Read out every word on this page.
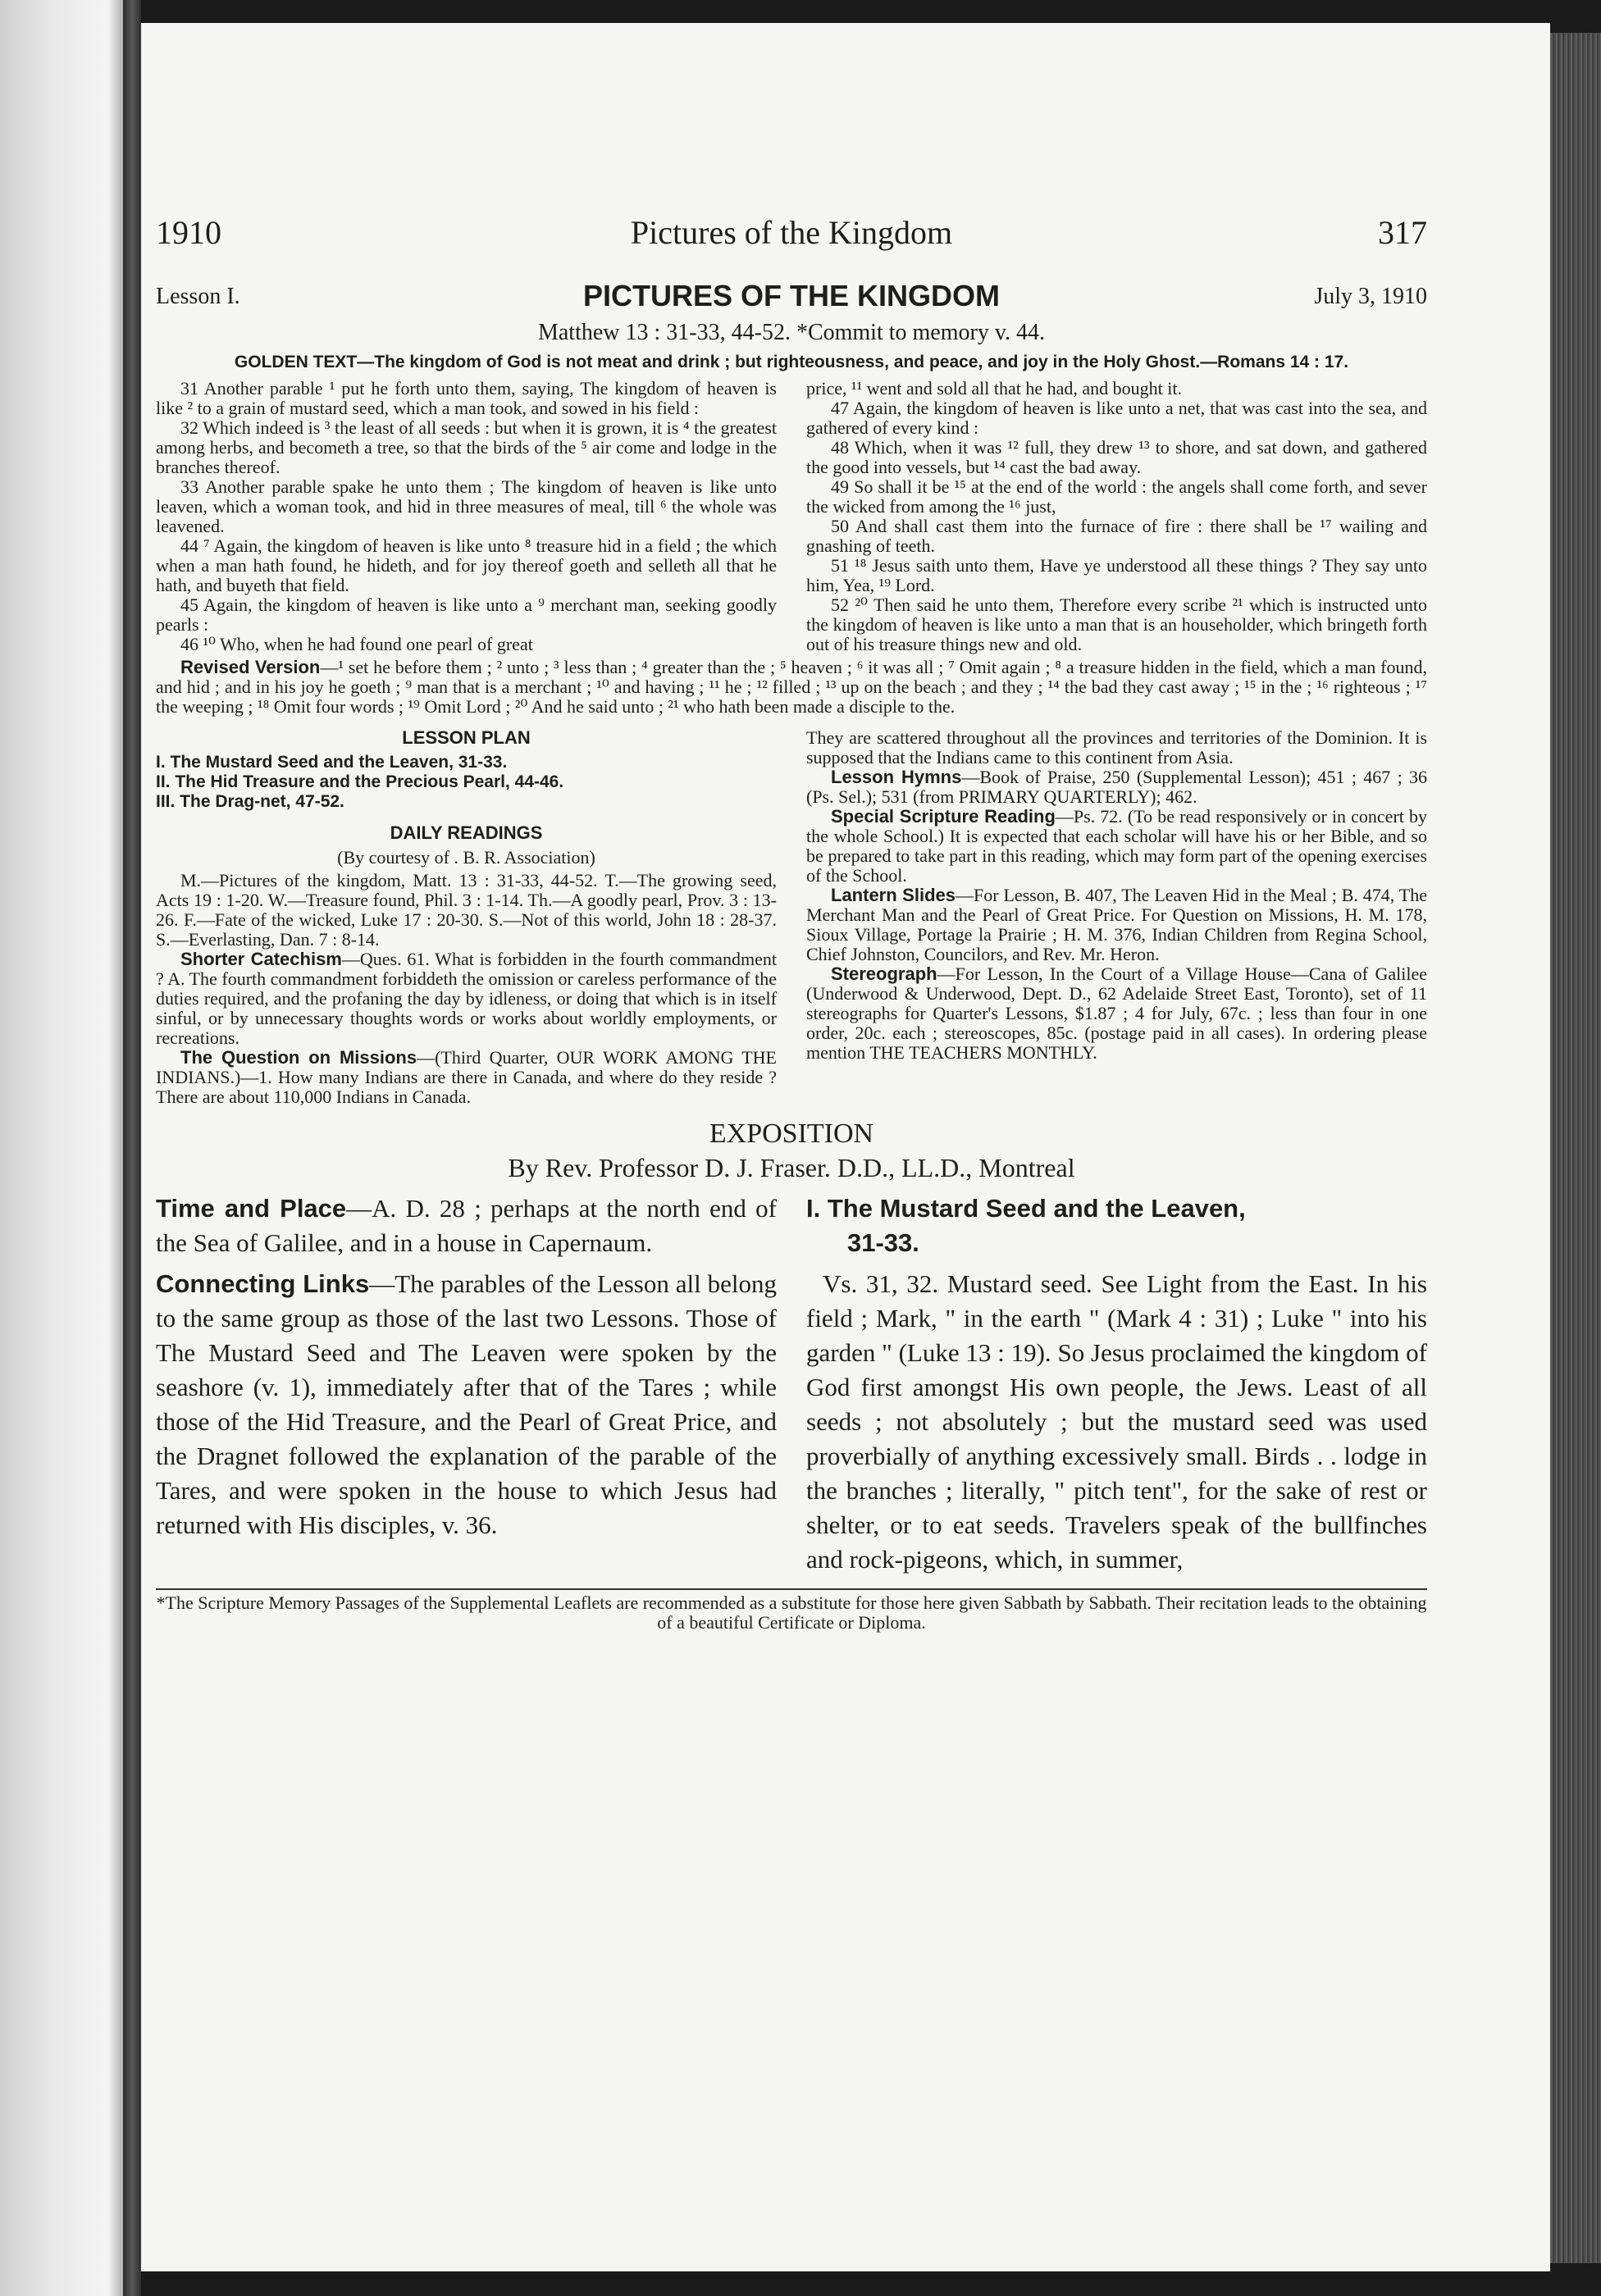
1910	Pictures of the Kingdom	317
Lesson I.	PICTURES OF THE KINGDOM	July 3, 1910
Matthew 13 : 31-33, 44-52. *Commit to memory v. 44.
GOLDEN TEXT—The kingdom of God is not meat and drink ; but righteousness, and peace, and joy in the Holy Ghost.—Romans 14 : 17.

31 Another parable ¹ put he forth unto them, saying, The kingdom of heaven is like ² to a grain of mustard seed, which a man took, and sowed in his field :

32 Which indeed is ³ the least of all seeds : but when it is grown, it is ⁴ the greatest among herbs, and becometh a tree, so that the birds of the ⁵ air come and lodge in the branches thereof.

33 Another parable spake he unto them ; The kingdom of heaven is like unto leaven, which a woman took, and hid in three measures of meal, till ⁶ the whole was leavened.

44 ⁷ Again, the kingdom of heaven is like unto ⁸ treasure hid in a field ; the which when a man hath found, he hideth, and for joy thereof goeth and selleth all that he hath, and buyeth that field.

45 Again, the kingdom of heaven is like unto a ⁹ merchant man, seeking goodly pearls :

46 ¹⁰ Who, when he had found one pearl of great

price, ¹¹ went and sold all that he had, and bought it.

47 Again, the kingdom of heaven is like unto a net, that was cast into the sea, and gathered of every kind :

48 Which, when it was ¹² full, they drew ¹³ to shore, and sat down, and gathered the good into vessels, but ¹⁴ cast the bad away.

49 So shall it be ¹⁵ at the end of the world : the angels shall come forth, and sever the wicked from among the ¹⁶ just,

50 And shall cast them into the furnace of fire : there shall be ¹⁷ wailing and gnashing of teeth.

51 ¹⁸ Jesus saith unto them, Have ye understood all these things ? They say unto him, Yea, ¹⁹ Lord.

52 ²⁰ Then said he unto them, Therefore every scribe ²¹ which is instructed unto the kingdom of heaven is like unto a man that is an householder, which bringeth forth out of his treasure things new and old.

Revised Version—¹ set he before them ; ² unto ; ³ less than ; ⁴ greater than the ; ⁵ heaven ; ⁶ it was all ; ⁷ Omit again ; ⁸ a treasure hidden in the field, which a man found, and hid ; and in his joy he goeth ; ⁹ man that is a merchant ; ¹⁰ and having ; ¹¹ he ; ¹² filled ; ¹³ up on the beach ; and they ; ¹⁴ the bad they cast away ; ¹⁵ in the ; ¹⁶ righteous ; ¹⁷ the weeping ; ¹⁸ Omit four words ; ¹⁹ Omit Lord ; ²⁰ And he said unto ; ²¹ who hath been made a disciple to the.
LESSON PLAN
I. The Mustard Seed and the Leaven, 31-33.
II. The Hid Treasure and the Precious Pearl, 44-46.
III. The Drag-net, 47-52.
DAILY READINGS
(By courtesy of . B. R. Association)

M.—Pictures of the kingdom, Matt. 13 : 31-33, 44-52. T.—The growing seed, Acts 19 : 1-20. W.—Treasure found, Phil. 3 : 1-14. Th.—A goodly pearl, Prov. 3 : 13-26. F.—Fate of the wicked, Luke 17 : 20-30. S.—Not of this world, John 18 : 28-37. S.—Everlasting, Dan. 7 : 8-14.

Shorter Catechism—Ques. 61. What is forbidden in the fourth commandment ? A. The fourth commandment forbiddeth the omission or careless performance of the duties required, and the profaning the day by idleness, or doing that which is in itself sinful, or by unnecessary thoughts words or works about worldly employments, or recreations.

The Question on Missions—(Third Quarter, OUR WORK AMONG THE INDIANS.)—1. How many Indians are there in Canada, and where do they reside ? There are about 110,000 Indians in Canada.

They are scattered throughout all the provinces and territories of the Dominion. It is supposed that the Indians came to this continent from Asia.

Lesson Hymns—Book of Praise, 250 (Supplemental Lesson); 451 ; 467 ; 36 (Ps. Sel.); 531 (from PRIMARY QUARTERLY); 462.

Special Scripture Reading—Ps. 72. (To be read responsively or in concert by the whole School.) It is expected that each scholar will have his or her Bible, and so be prepared to take part in this reading, which may form part of the opening exercises of the School.

Lantern Slides—For Lesson, B. 407, The Leaven Hid in the Meal ; B. 474, The Merchant Man and the Pearl of Great Price. For Question on Missions, H. M. 178, Sioux Village, Portage la Prairie ; H. M. 376, Indian Children from Regina School, Chief Johnston, Councilors, and Rev. Mr. Heron.

Stereograph—For Lesson, In the Court of a Village House—Cana of Galilee (Underwood & Underwood, Dept. D., 62 Adelaide Street East, Toronto), set of 11 stereographs for Quarter's Lessons, $1.87 ; 4 for July, 67c. ; less than four in one order, 20c. each ; stereoscopes, 85c. (postage paid in all cases). In ordering please mention THE TEACHERS MONTHLY.

EXPOSITION
By Rev. Professor D. J. Fraser. D.D., LL.D., Montreal

Time and Place—A. D. 28 ; perhaps at the north end of the Sea of Galilee, and in a house in Capernaum.

Connecting Links—The parables of the Lesson all belong to the same group as those of the last two Lessons. Those of The Mustard Seed and The Leaven were spoken by the seashore (v. 1), immediately after that of the Tares ; while those of the Hid Treasure, and the Pearl of Great Price, and the Dragnet followed the explanation of the parable of the Tares, and were spoken in the house to which Jesus had returned with His disciples, v. 36.

I. The Mustard Seed and the Leaven,
31-33.

Vs. 31, 32. Mustard seed. See Light from the East. In his field ; Mark, " in the earth " (Mark 4 : 31) ; Luke " into his garden " (Luke 13 : 19). So Jesus proclaimed the kingdom of God first amongst His own people, the Jews. Least of all seeds ; not absolutely ; but the mustard seed was used proverbially of anything excessively small. Birds . . lodge in the branches ; literally, " pitch tent", for the sake of rest or shelter, or to eat seeds. Travelers speak of the bullfinches and rock-pigeons, which, in summer,

*The Scripture Memory Passages of the Supplemental Leaflets are recommended as a substitute for those here given Sabbath by Sabbath. Their recitation leads to the obtaining of a beautiful Certificate or Diploma.
